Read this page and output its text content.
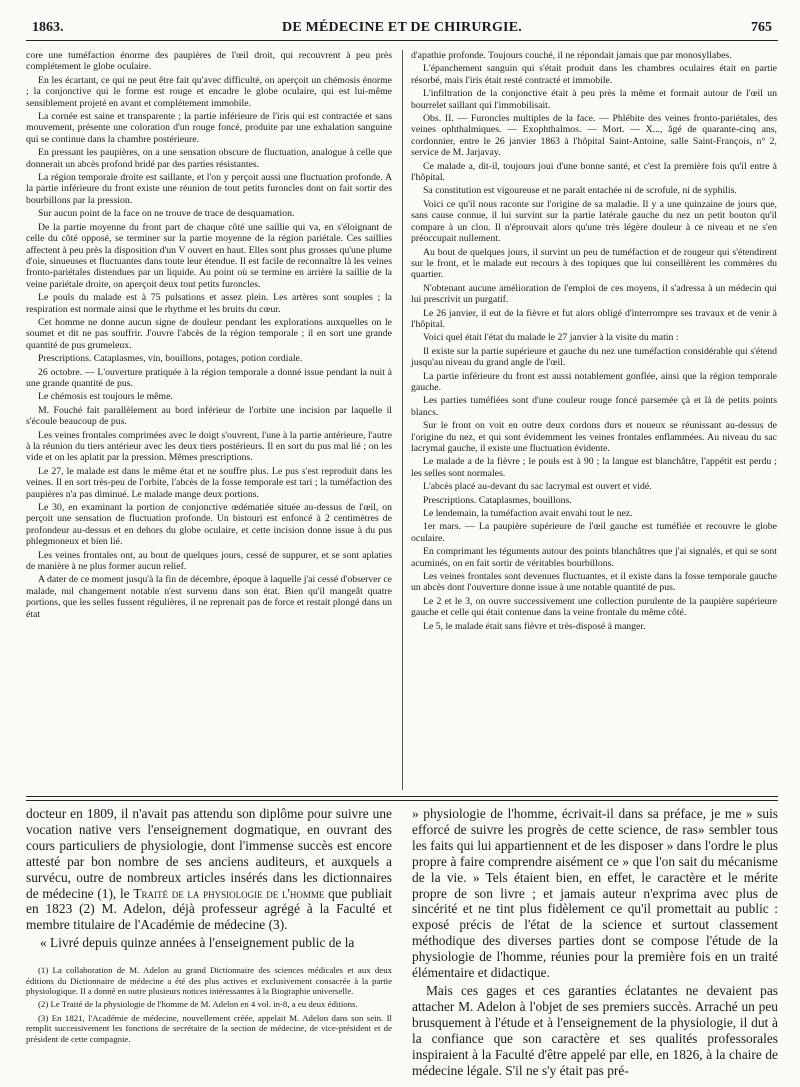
1863.	DE MÉDECINE ET DE CHIRURGIE.	765

core une tuméfaction énorme des paupières de l'œil droit, qui recouvrent à peu près complétement le globe oculaire.

En les écartant, ce qui ne peut être fait qu'avec difficulté, on aperçoit un chémosis énorme ; la conjonctive qui le forme est rouge et encadre le globe oculaire, qui est lui-même sensiblement projeté en avant et complétement immobile.

La cornée est saine et transparente ; la partie inférieure de l'iris qui est contractée et sans mouvement, présente une coloration d'un rouge foncé, produite par une exhalation sanguine qui se continue dans la chambre postérieure.

En pressant les paupières, on a une sensation obscure de fluctuation, analogue à celle que donnerait un abcès profond bridé par des parties résistantes.

La région temporale droite est saillante, et l'on y perçoit aussi une fluctuation profonde. A la partie inférieure du front existe une réunion de tout petits furoncles dont on fait sortir des bourbillons par la pression.

Sur aucun point de la face on ne trouve de trace de desquamation.

De la partie moyenne du front part de chaque côté une saillie qui va, en s'éloignant de celle du côté opposé, se terminer sur la partie moyenne de la région pariétale. Ces saillies affectent à peu près la disposition d'un V ouvert en haut. Elles sont plus grosses qu'une plume d'oie, sinueuses et fluctuantes dans toute leur étendue. Il est facile de reconnaître là les veines fronto-pariétales distendues par un liquide. Au point où se termine en arrière la saillie de la veine pariétale droite, on aperçoit deux tout petits furoncles.

Le pouls du malade est à 75 pulsations et assez plein. Les artères sont souples ; la respiration est normale ainsi que le rhythme et les bruits du cœur.

Cet homme ne donne aucun signe de douleur pendant les explorations auxquelles on le soumet et dit ne pas souffrir. J'ouvre l'abcès de la région temporale ; il en sort une grande quantité de pus grumeleux.

Prescriptions. Cataplasmes, vin, bouillons, potages, potion cordiale.

26 octobre. — L'ouverture pratiquée à la région temporale a donné issue pendant la nuit à une grande quantité de pus.

Le chémosis est toujours le même.

M. Fouché fait parallèlement au bord inférieur de l'orbite une incision par laquelle il s'écoule beaucoup de pus.

Les veines frontales comprimées avec le doigt s'ouvrent, l'une à la partie antérieure, l'autre à la réunion du tiers antérieur avec les deux tiers postérieurs. Il en sort du pus mal lié ; on les vide et on les aplatit par la pression. Mêmes prescriptions.

Le 27, le malade est dans le même état et ne souffre plus. Le pus s'est reproduit dans les veines. Il en sort très-peu de l'orbite, l'abcès de la fosse temporale est tari ; la tuméfaction des paupières n'a pas diminué. Le malade mange deux portions.

Le 30, en examinant la portion de conjonctive œdématiée située au-dessus de l'œil, on perçoit une sensation de fluctuation profonde. Un bistouri est enfoncé à 2 centimètres de profondeur au-dessus et en dehors du globe oculaire, et cette incision donne issue à du pus phlegmoneux et bien lié.

Les veines frontales ont, au bout de quelques jours, cessé de suppurer, et se sont aplaties de manière à ne plus former aucun relief.

A dater de ce moment jusqu'à la fin de décembre, époque à laquelle j'ai cessé d'observer ce malade, nul changement notable n'est survenu dans son état. Bien qu'il mangeât quatre portions, que les selles fussent régulières, il ne reprenait pas de force et restait plongé dans un état

d'apathie profonde. Toujours couché, il ne répondait jamais que par monosyllabes.

L'épanchement sanguin qui s'était produit dans les chambres oculaires était en partie résorbé, mais l'iris était resté contracté et immobile.

L'infiltration de la conjonctive était à peu près la même et formait autour de l'œil un bourrelet saillant qui l'immobilisait.

Obs. II. — Furoncles multiples de la face. — Phlébite des veines fronto-pariétales, des veines ophthalmiques. — Exophthalmos. — Mort. — X..., âgé de quarante-cinq ans, cordonnier, entre le 26 janvier 1863 à l'hôpital Saint-Antoine, salle Saint-François, n° 2, service de M. Jarjavay.

Ce malade a, dit-il, toujours joui d'une bonne santé, et c'est la première fois qu'il entre à l'hôpital.

Sa constitution est vigoureuse et ne paraît entachée ni de scrofule, ni de syphilis.

Voici ce qu'il nous raconte sur l'origine de sa maladie. Il y a une quinzaine de jours que, sans cause connue, il lui survint sur la partie latérale gauche du nez un petit bouton qu'il compare à un clou. Il n'éprouvait alors qu'une très légère douleur à ce niveau et ne s'en préoccupait nullement.

Au bout de quelques jours, il survint un peu de tuméfaction et de rougeur qui s'étendirent sur le front, et le malade eut recours à des topiques que lui conseillèrent les commères du quartier.

N'obtenant aucune amélioration de l'emploi de ces moyens, il s'adressa à un médecin qui lui prescrivit un purgatif.

Le 26 janvier, il eut de la fièvre et fut alors obligé d'interrompre ses travaux et de venir à l'hôpital.

Voici quel était l'état du malade le 27 janvier à la visite du matin :

Il existe sur la partie supérieure et gauche du nez une tuméfaction considérable qui s'étend jusqu'au niveau du grand angle de l'œil.

La partie inférieure du front est aussi notablement gonflée, ainsi que la région temporale gauche.

Les parties tuméfiées sont d'une couleur rouge foncé parsemée çà et là de petits points blancs.

Sur le front on voit en outre deux cordons durs et noueux se réunissant au-dessus de l'origine du nez, et qui sont évidemment les veines frontales enflammées. Au niveau du sac lacrymal gauche, il existe une fluctuation évidente.

Le malade a de la fièvre ; le pouls est à 90 ; la langue est blanchâtre, l'appétit est perdu ; les selles sont normales.

L'abcès placé au-devant du sac lacrymal est ouvert et vidé.

Prescriptions. Cataplasmes, bouillons.

Le lendemain, la tuméfaction avait envahi tout le nez.

1er mars. — La paupière supérieure de l'œil gauche est tuméfiée et recouvre le globe oculaire.

En comprimant les téguments autour des points blanchâtres que j'ai signalés, et qui se sont acuminés, on en fait sortir de véritables bourbillons.

Les veines frontales sont devenues fluctuantes, et il existe dans la fosse temporale gauche un abcès dont l'ouverture donne issue à une notable quantité de pus.

Le 2 et le 3, on ouvre successivement une collection purulente de la paupière supérieure gauche et celle qui était contenue dans la veine frontale du même côté.

Le 5, le malade était sans fièvre et très-disposé à manger.

docteur en 1809, il n'avait pas attendu son diplôme pour suivre une vocation native vers l'enseignement dogmatique, en ouvrant des cours particuliers de physiologie, dont l'immense succès est encore attesté par bon nombre de ses anciens auditeurs, et auxquels a survécu, outre de nombreux articles insérés dans les dictionnaires de médecine (1), le Traité de la physiologie de l'homme que publiait en 1823 (2) M. Adelon, déjà professeur agrégé à la Faculté et membre titulaire de l'Académie de médecine (3).

« Livré depuis quinze années à l'enseignement public de la

(1) La collaboration de M. Adelon au grand Dictionnaire des sciences médicales et aux deux éditions du Dictionnaire de médecine a été des plus actives et exclusivement consacrée à la partie physiologique. Il a donné en outre plusieurs notices intéressantes à la Biographie universelle.

(2) Le Traité de la physiologie de l'homme de M. Adelon en 4 vol. in-8, a eu deux éditions.

(3) En 1821, l'Académie de médecine, nouvellement créée, appelait M. Adelon dans son sein. Il remplit successivement les fonctions de secrétaire de la section de médecine, de vice-président et de président de cette compagnie.

» physiologie de l'homme, écrivait-il dans sa préface, je me » suis efforcé de suivre les progrès de cette science, de ras» sembler tous les faits qui lui appartiennent et de les disposer » dans l'ordre le plus propre à faire comprendre aisément ce » que l'on sait du mécanisme de la vie. » Tels étaient bien, en effet, le caractère et le mérite propre de son livre ; et jamais auteur n'exprima avec plus de sincérité et ne tint plus fidèlement ce qu'il promettait au public : exposé précis de l'état de la science et surtout classement méthodique des diverses parties dont se compose l'étude de la physiologie de l'homme, réunies pour la première fois en un traité élémentaire et didactique.

Mais ces gages et ces garanties éclatantes ne devaient pas attacher M. Adelon à l'objet de ses premiers succès. Arraché un peu brusquement à l'étude et à l'enseignement de la physiologie, il dut à la confiance que son caractère et ses qualités professorales inspiraient à la Faculté d'être appelé par elle, en 1826, à la chaire de médecine légale. S'il ne s'y était pas pré-
